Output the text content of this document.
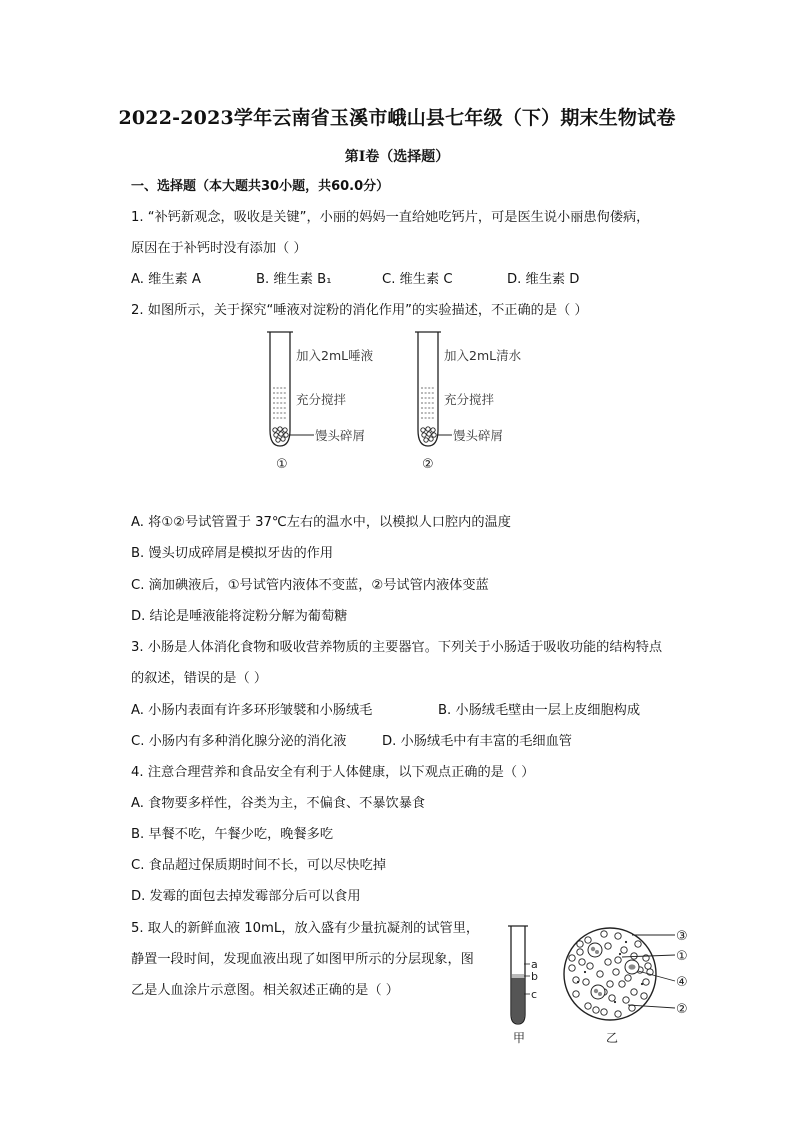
2022-2023学年云南省玉溪市峨山县七年级（下）期末生物试卷
第I卷（选择题）
一、选择题（本大题共30小题，共60.0分）
1. “补钙新观念，吸收是关键”，小丽的妈妈一直给她吃钙片，可是医生说小丽患佝偻病，
原因在于补钙时没有添加（ ）
A. 维生素 A	B. 维生素 B₁	C. 维生素 C	D. 维生素 D
2. 如图所示，关于探究“唾液对淀粉的消化作用”的实验描述，不正确的是（ ）
加入2mL唾液
充分搅拌
馒头碎屑
①
加入2mL清水
充分搅拌
馒头碎屑
②
A. 将①②号试管置于 37℃左右的温水中，以模拟人口腔内的温度
B. 馒头切成碎屑是模拟牙齿的作用
C. 滴加碘液后，①号试管内液体不变蓝，②号试管内液体变蓝
D. 结论是唾液能将淀粉分解为葡萄糖
3. 小肠是人体消化食物和吸收营养物质的主要器官。下列关于小肠适于吸收功能的结构特点
的叙述，错误的是（ ）
A. 小肠内表面有许多环形皱襞和小肠绒毛	B. 小肠绒毛壁由一层上皮细胞构成
C. 小肠内有多种消化腺分泌的消化液	D. 小肠绒毛中有丰富的毛细血管
4. 注意合理营养和食品安全有利于人体健康，以下观点正确的是（ ）
A. 食物要多样性，谷类为主，不偏食、不暴饮暴食
B. 早餐不吃，午餐少吃，晚餐多吃
C. 食品超过保质期时间不长，可以尽快吃掉
D. 发霉的面包去掉发霉部分后可以食用
5. 取人的新鲜血液 10mL，放入盛有少量抗凝剂的试管里，
静置一段时间，发现血液出现了如图甲所示的分层现象，图
乙是人血涂片示意图。相关叙述正确的是（ ）
a
b
c
甲
③
①
④
②
乙
